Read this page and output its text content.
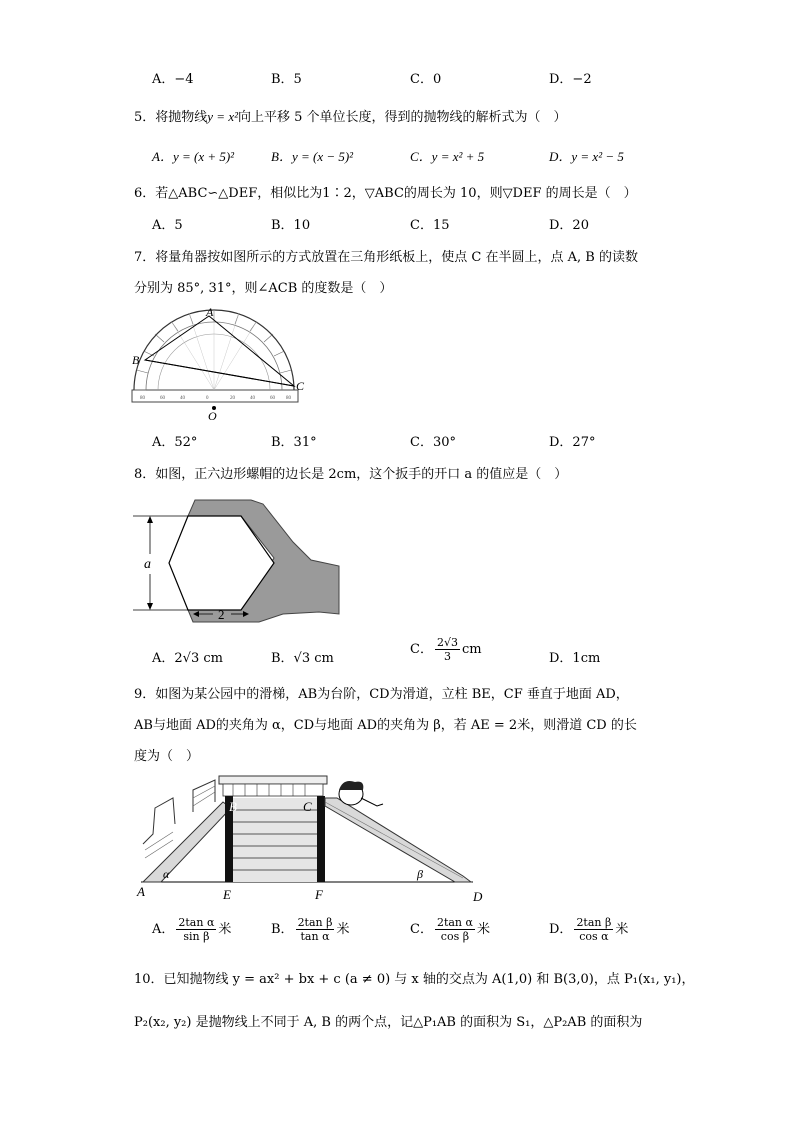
A．−4	B．5	C．0	D．−2
5．将抛物线y = x²向上平移 5 个单位长度，得到的抛物线的解析式为（　）
A．y = (x + 5)²	B．y = (x − 5)²	C．y = x² + 5	D．y = x² − 5
6．若△ABC∽△DEF，相似比为1∶2，▽ABC的周长为 10，则▽DEF 的周长是（　）
A．5	B．10	C．15	D．20
7．将量角器按如图所示的方式放置在三角形纸板上，使点 C 在半圆上，点 A, B 的读数
分别为 85°, 31°，则∠ACB 的度数是（　）
80	60	40	0	20	40	60 80
O
A
B
C
A．52°	B．31°	C．30°	D．27°
8．如图，正六边形螺帽的边长是 2cm，这个扳手的开口 a 的值应是（　）
a
2
A．2√3 cm	B．√3 cm
C． $\frac{2√3}{3}$ cm
D．1cm
9．如图为某公园中的滑梯，AB为台阶，CD为滑道，立柱 BE，CF 垂直于地面 AD，
AB与地面 AD的夹角为 α，CD与地面 AD的夹角为 β，若 AE = 2米，则滑道 CD 的长
度为（　）
B	C
A
α
E	F
β
D
A． $\frac{\text{2tan α}}{\text{sin β}}$ 米	B． $\frac{\text{2tan β}}{\text{tan α}}$ 米	C． $\frac{\text{2tan α}}{\text{cos β}}$ 米	D． $\frac{\text{2tan β}}{\text{cos α}}$ 米
10．已知抛物线 y = ax² + bx + c (a ≠ 0) 与 x 轴的交点为 A(1,0) 和 B(3,0)，点 P₁(x₁, y₁)，
P₂(x₂, y₂) 是抛物线上不同于 A, B 的两个点，记△P₁AB 的面积为 S₁，△P₂AB 的面积为
